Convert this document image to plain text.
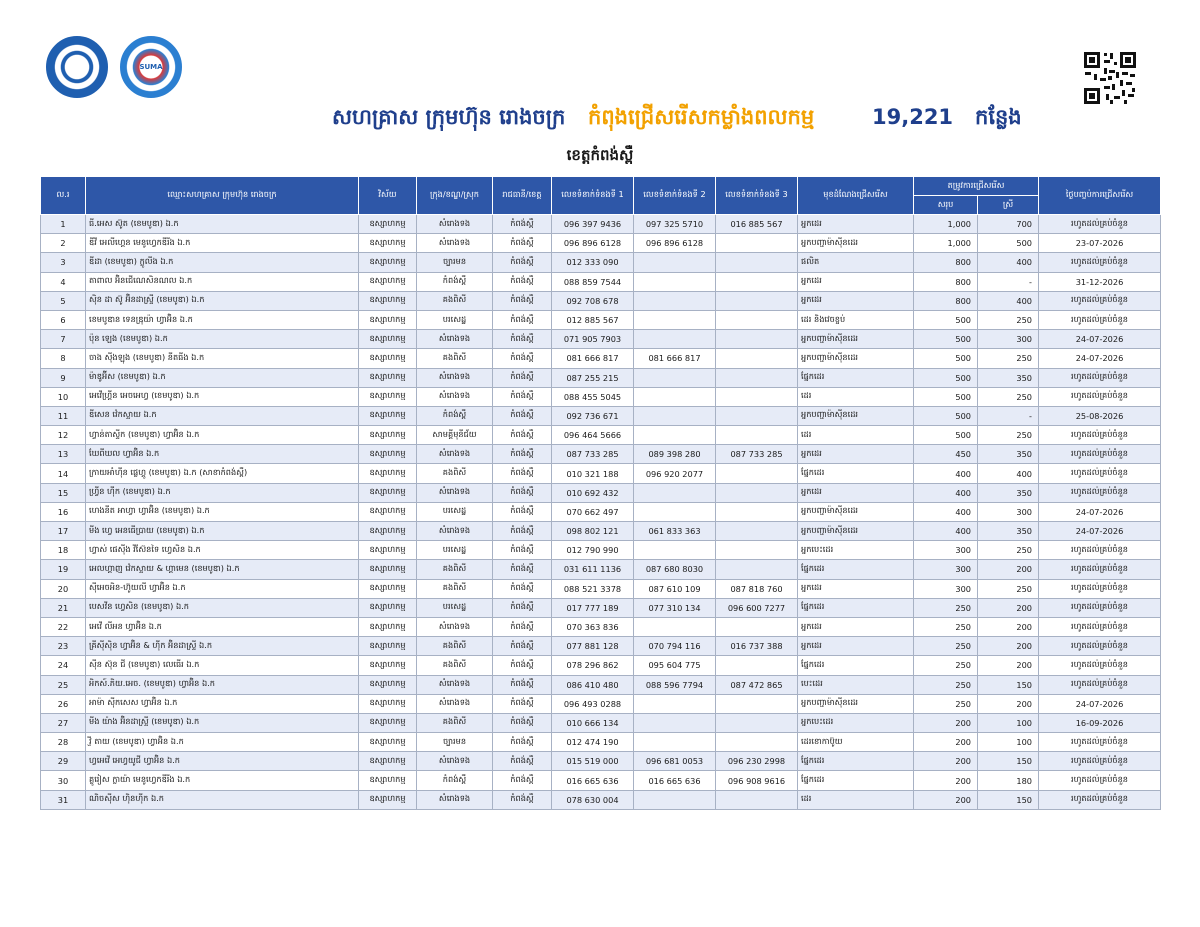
SUMA
សហគ្រាស ក្រុមហ៊ុន រោងចក្រ កំពុងជ្រើសរើសកម្លាំងពលកម្ម	19,221 កន្លែង
ខេត្តកំពង់ស្ពឺ
ល.រ	ឈ្មោះសហគ្រាស ក្រុមហ៊ុន រោងចក្រ	វិស័យ	ក្រុង/ខណ្ឌ/ស្រុក	រាជធានី/ខេត្ត	លេខទំនាក់ទំនងទី 1	លេខទំនាក់ទំនងទី 2	លេខទំនាក់ទំនងទី 3	មុខដំណែងជ្រើសរើស	តម្រូវការជ្រើសរើស		ថ្ងៃបញ្ចប់ការជ្រើសរើស
									សរុប	ស្រី	
1	ធី.អេស ស៊ូត (ខេមបូឌា) ឯ.ក	ឧស្សាហកម្ម	សំរោងទង	កំពង់ស្ពឺ	096 397 9436	097 325 5710	016 885 567	អ្នកដេរ	1,000	700	រហូតដល់គ្រប់ចំនួន
2	ឌីវី អេលីហ្គេន មេនូហ្វេកឌីរីង ឯ.ក	ឧស្សាហកម្ម	សំរោងទង	កំពង់ស្ពឺ	096 896 6128	096 896 6128		អ្នកបញ្ជាម៉ាស៊ីនដេរ	1,000	500	23-07-2026
3	ឌីដា (ខេមបូឌា) ក្លូលីង ឯ.ក	ឧស្សាហកម្ម	ច្បារមន	កំពង់ស្ពឺ	012 333 090			ផលិត	800	400	រហូតដល់គ្រប់ចំនួន
4	តាពាល អ៊ិនជើណេសិនណល ឯ.ក	ឧស្សាហកម្ម	កំពង់ស្ពឺ	កំពង់ស្ពឺ	088 859 7544			អ្នកដេរ	800	-	31-12-2026
5	ស៊ិន ដា ស៊ូ អ៊ិនដាស្ទ្រី (ខេមបូឌា) ឯ.ក	ឧស្សាហកម្ម	គងពិសី	កំពង់ស្ពឺ	092 708 678			អ្នកដេរ	800	400	រហូតដល់គ្រប់ចំនួន
6	ខេមបូឌាន ទេនឌ្រុយ៉ា ហ្វាអ៊ិន ឯ.ក	ឧស្សាហកម្ម	បរសេដ្ឋ	កំពង់ស្ពឺ	012 885 567			ដេរ និងវេចខ្ចប់	500	250	រហូតដល់គ្រប់ចំនួន
7	ប៉ុន ឡេង (ខេមបូឌា) ឯ.ក	ឧស្សាហកម្ម	សំរោងទង	កំពង់ស្ពឺ	071 905 7903			អ្នកបញ្ជាម៉ាស៊ីនដេរ	500	300	24-07-2026
8	ចាង ស៊ីងឡុង (ខេមបូឌា) នីតធីង ឯ.ក	ឧស្សាហកម្ម	គងពិសី	កំពង់ស្ពឺ	081 666 817	081 666 817		អ្នកបញ្ជាម៉ាស៊ីនដេរ	500	250	24-07-2026
9	ម៉ាឌូអ៊ីស (ខេមបូឌា) ឯ.ក	ឧស្សាហកម្ម	សំរោងទង	កំពង់ស្ពឺ	087 255 215			ផ្នែកដេរ	500	350	រហូតដល់គ្រប់ចំនួន
10	អេវើហ្គ្រីន អេចអេហ្វ (ខេមបូឌា) ឯ.ក	ឧស្សាហកម្ម	សំរោងទង	កំពង់ស្ពឺ	088 455 5045			ដេរ	500	250	រហូតដល់គ្រប់ចំនួន
11	ឌីសេន វ៉េកស្ទាយ ឯ.ក	ឧស្សាហកម្ម	កំពង់ស្ពឺ	កំពង់ស្ពឺ	092 736 671			អ្នកបញ្ជាម៉ាស៊ីនដេរ	500	-	25-08-2026
12	ហ្វាន់តាស្ទីក (ខេមបូឌា) ហ្វាអ៊ិន ឯ.ក	ឧស្សាហកម្ម	សាមគ្គីមុនីជ័យ	កំពង់ស្ពឺ	096 464 5666			ដេរ	500	250	រហូតដល់គ្រប់ចំនួន
13	ឃែពីឃល ហ្វាអ៊ិន ឯ.ក	ឧស្សាហកម្ម	សំរោងទង	កំពង់ស្ពឺ	087 733 285	089 398 280	087 733 285	អ្នកដេរ	450	350	រហូតដល់គ្រប់ចំនួន
14	ក្រាយអាំហ៊ីន ផ្លេហ្គូ (ខេមបូឌា) ឯ.ក (សាខាកំពង់ស្ពឺ)	ឧស្សាហកម្ម	គងពិសី	កំពង់ស្ពឺ	010 321 188	096 920 2077		ផ្នែកដេរ	400	400	រហូតដល់គ្រប់ចំនួន
15	ហ្វ្រីន ហ៊ីក (ខេមបូឌា) ឯ.ក	ឧស្សាហកម្ម	សំរោងទង	កំពង់ស្ពឺ	010 692 432			អ្នកដេរ	400	350	រហូតដល់គ្រប់ចំនួន
16	ហេងនីត អាហ្វា ហ្វាអ៊ិន (ខេមបូឌា) ឯ.ក	ឧស្សាហកម្ម	បរសេដ្ឋ	កំពង់ស្ពឺ	070 662 497			អ្នកបញ្ជាម៉ាស៊ីនដេរ	400	300	24-07-2026
17	មីង ហ្វេ អេនធើប្រាយ (ខេមបូឌា) ឯ.ក	ឧស្សាហកម្ម	សំរោងទង	កំពង់ស្ពឺ	098 802 121	061 833 363		អ្នកបញ្ជាម៉ាស៊ីនដេរ	400	350	24-07-2026
18	ហ្វាស់ ផេស៊ីង វីស៊ែនទៃ ហ្វេសិន ឯ.ក	ឧស្សាហកម្ម	បរសេដ្ឋ	កំពង់ស្ពឺ	012 790 990			អ្នកបេះដេរ	300	250	រហូតដល់គ្រប់ចំនួន
19	អេលហ្គាញ វ៉េកស្ទាយ & ហ្គាមេន (ខេមបូឌា) ឯ.ក	ឧស្សាហកម្ម	គងពិសី	កំពង់ស្ពឺ	031 611 1136	087 680 8030		ផ្នែកដេរ	300	200	រហូតដល់គ្រប់ចំនួន
20	ស៊ីអេចអិន-ហ៊ូយលី ហ្វាអ៊ិន ឯ.ក	ឧស្សាហកម្ម	គងពិសី	កំពង់ស្ពឺ	088 521 3378	087 610 109	087 818 760	អ្នកដេរ	300	250	រហូតដល់គ្រប់ចំនួន
21	បេសវីន ហ្វេសិន (ខេមបូឌា) ឯ.ក	ឧស្សាហកម្ម	បរសេដ្ឋ	កំពង់ស្ពឺ	017 777 189	077 310 134	096 600 7277	ផ្នែកដេរ	250	200	រហូតដល់គ្រប់ចំនួន
22	អេវើ លីអន ហ្វាអ៊ិន ឯ.ក	ឧស្សាហកម្ម	សំរោងទង	កំពង់ស្ពឺ	070 363 836			អ្នកដេរ	250	200	រហូតដល់គ្រប់ចំនួន
23	គ្រីស៊ីស៊ិន ហ្វាអ៊ិន & ហ៊ីក អ៊ិនដាស្ទ្រី ឯ.ក	ឧស្សាហកម្ម	គងពិសី	កំពង់ស្ពឺ	077 881 128	070 794 116	016 737 388	អ្នកដេរ	250	200	រហូតដល់គ្រប់ចំនួន
24	ស៊ីន ស៊ុន ជី (ខេមបូឌា) លេធើរ ឯ.ក	ឧស្សាហកម្ម	គងពិសី	កំពង់ស្ពឺ	078 296 862	095 604 775		ផ្នែកដេរ	250	200	រហូតដល់គ្រប់ចំនួន
25	អិកស៍.ភិយ.អេច. (ខេមបូឌា) ហ្វាអ៊ិន ឯ.ក	ឧស្សាហកម្ម	សំរោងទង	កំពង់ស្ពឺ	086 410 480	088 596 7794	087 472 865	បេះដេរ	250	150	រហូតដល់គ្រប់ចំនួន
26	អាម៉ា ស៊ីកសេស ហ្វាអ៊ិន ឯ.ក	ឧស្សាហកម្ម	សំរោងទង	កំពង់ស្ពឺ	096 493 0288			អ្នកបញ្ជាម៉ាស៊ីនដេរ	250	200	24-07-2026
27	មីង យ៉ាង អ៊ិនដាស្ទ្រី (ខេមបូឌា) ឯ.ក	ឧស្សាហកម្ម	គងពិសី	កំពង់ស្ពឺ	010 666 134			អ្នកបេះដេរ	200	100	16-09-2026
28	វ្ញី តាយ (ខេមបូឌា) ហ្វាអ៊ិន ឯ.ក	ឧស្សាហកម្ម	ច្បារមន	កំពង់ស្ពឺ	012 474 190			ដេរខោកាប៊ូយ	200	100	រហូតដល់គ្រប់ចំនួន
29	ហ្វអេវើ អេហ្វយូជី ហ្វាអ៊ិន ឯ.ក	ឧស្សាហកម្ម	សំរោងទង	កំពង់ស្ពឺ	015 519 000	096 681 0053	096 230 2998	ផ្នែកដេរ	200	150	រហូតដល់គ្រប់ចំនួន
30	គ្លូរៀស ក្លាយ៉ា មេនូហ្វេកឌីរីង ឯ.ក	ឧស្សាហកម្ម	កំពង់ស្ពឺ	កំពង់ស្ពឺ	016 665 636	016 665 636	096 908 9616	ផ្នែកដេរ	200	180	រហូតដល់គ្រប់ចំនួន
31	ណិចស៊ីស ហ៊ិនហ៊ីក ឯ.ក	ឧស្សាហកម្ម	សំរោងទង	កំពង់ស្ពឺ	078 630 004			ដេរ	200	150	រហូតដល់គ្រប់ចំនួន
